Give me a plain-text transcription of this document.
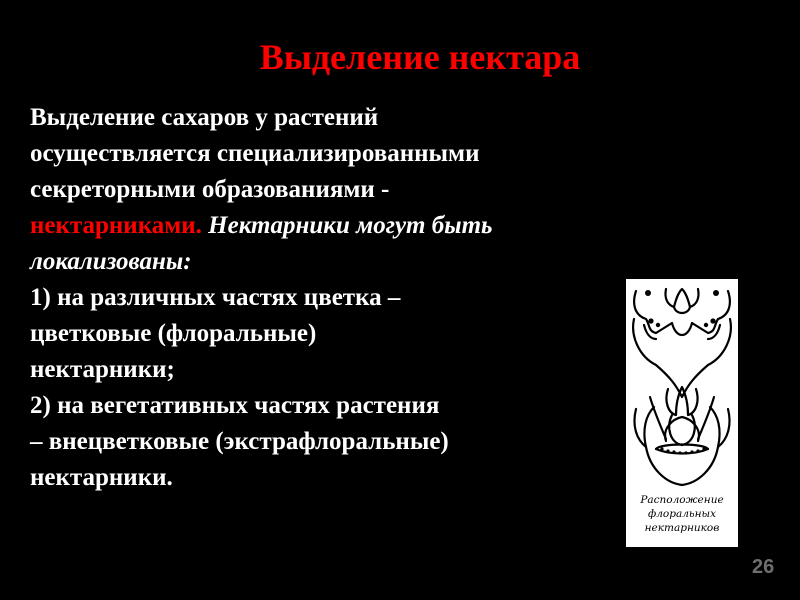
Выделение нектара

Выделение сахаров у растений
осуществляется специализированными
секреторными образованиями -
нектарниками. Нектарники могут быть
локализованы:

1) на различных частях цветка –
цветковые (флоральные)
нектарники;
2) на вегетативных частях растения
– внецветковые (экстрафлоральные)
нектарники.

Расположение
флоральных
нектарников
26
